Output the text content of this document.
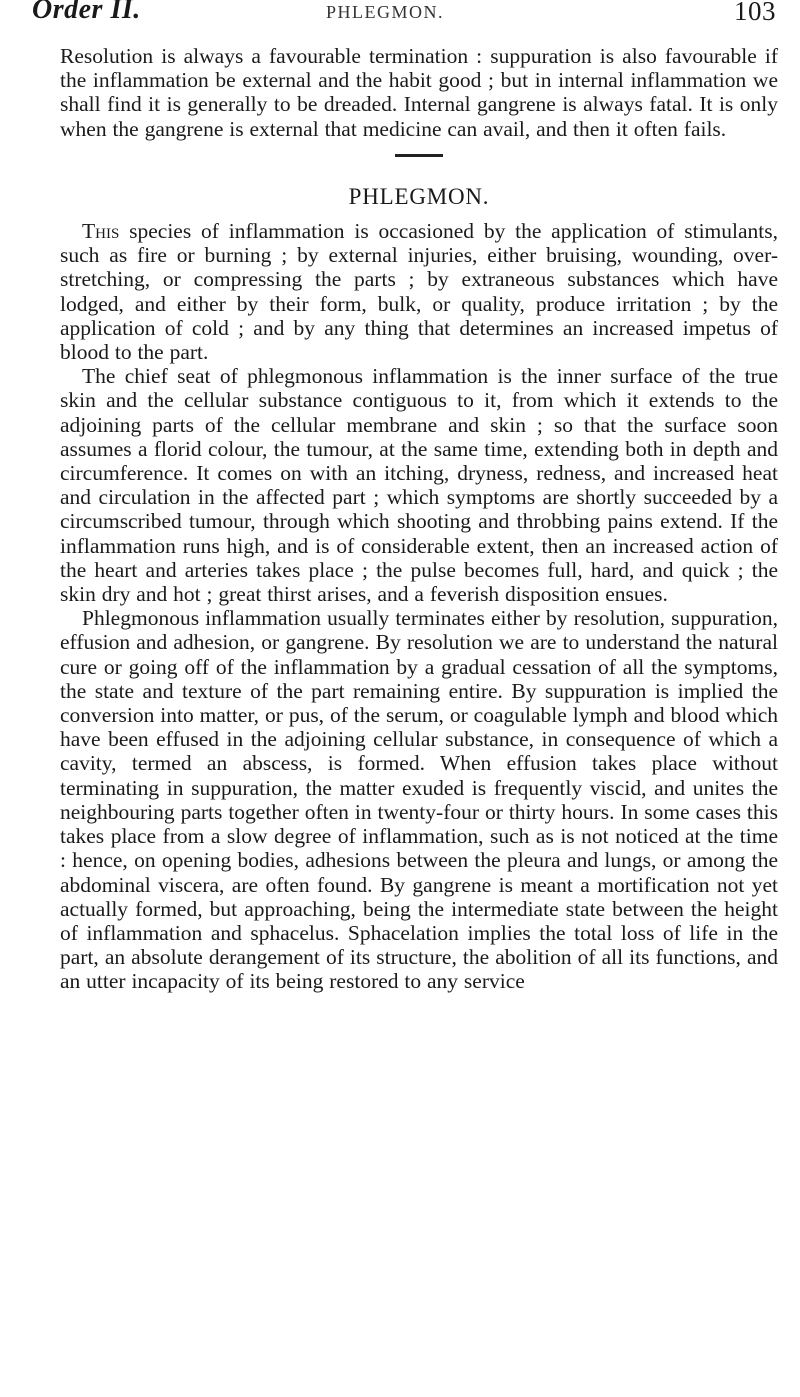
Order II.	PHLEGMON.	103

Resolution is always a favourable termination : suppuration is also favourable if the inflammation be external and the habit good ; but in internal inflammation we shall find it is generally to be dreaded. Internal gangrene is always fatal. It is only when the gangrene is external that medicine can avail, and then it often fails.

PHLEGMON.

This species of inflammation is occasioned by the application of stimulants, such as fire or burning ; by external injuries, either bruising, wounding, over-stretching, or compressing the parts ; by extraneous substances which have lodged, and either by their form, bulk, or quality, produce irritation ; by the application of cold ; and by any thing that determines an increased impetus of blood to the part.

The chief seat of phlegmonous inflammation is the inner surface of the true skin and the cellular substance contiguous to it, from which it extends to the adjoining parts of the cellular membrane and skin ; so that the surface soon assumes a florid colour, the tumour, at the same time, extending both in depth and circumference. It comes on with an itching, dryness, redness, and increased heat and circulation in the affected part ; which symptoms are shortly succeeded by a circumscribed tumour, through which shooting and throbbing pains extend. If the inflammation runs high, and is of considerable extent, then an increased action of the heart and arteries takes place ; the pulse becomes full, hard, and quick ; the skin dry and hot ; great thirst arises, and a feverish disposition ensues.

Phlegmonous inflammation usually terminates either by resolution, suppuration, effusion and adhesion, or gangrene. By resolution we are to understand the natural cure or going off of the inflammation by a gradual cessation of all the symptoms, the state and texture of the part remaining entire. By suppuration is implied the conversion into matter, or pus, of the serum, or coagulable lymph and blood which have been effused in the adjoining cellular substance, in consequence of which a cavity, termed an abscess, is formed. When effusion takes place without terminating in suppuration, the matter exuded is frequently viscid, and unites the neighbouring parts together often in twenty-four or thirty hours. In some cases this takes place from a slow degree of inflammation, such as is not noticed at the time : hence, on opening bodies, adhesions between the pleura and lungs, or among the abdominal viscera, are often found. By gangrene is meant a mortification not yet actually formed, but approaching, being the intermediate state between the height of inflammation and sphacelus. Sphacelation implies the total loss of life in the part, an absolute derangement of its structure, the abolition of all its functions, and an utter incapacity of its being restored to any service
